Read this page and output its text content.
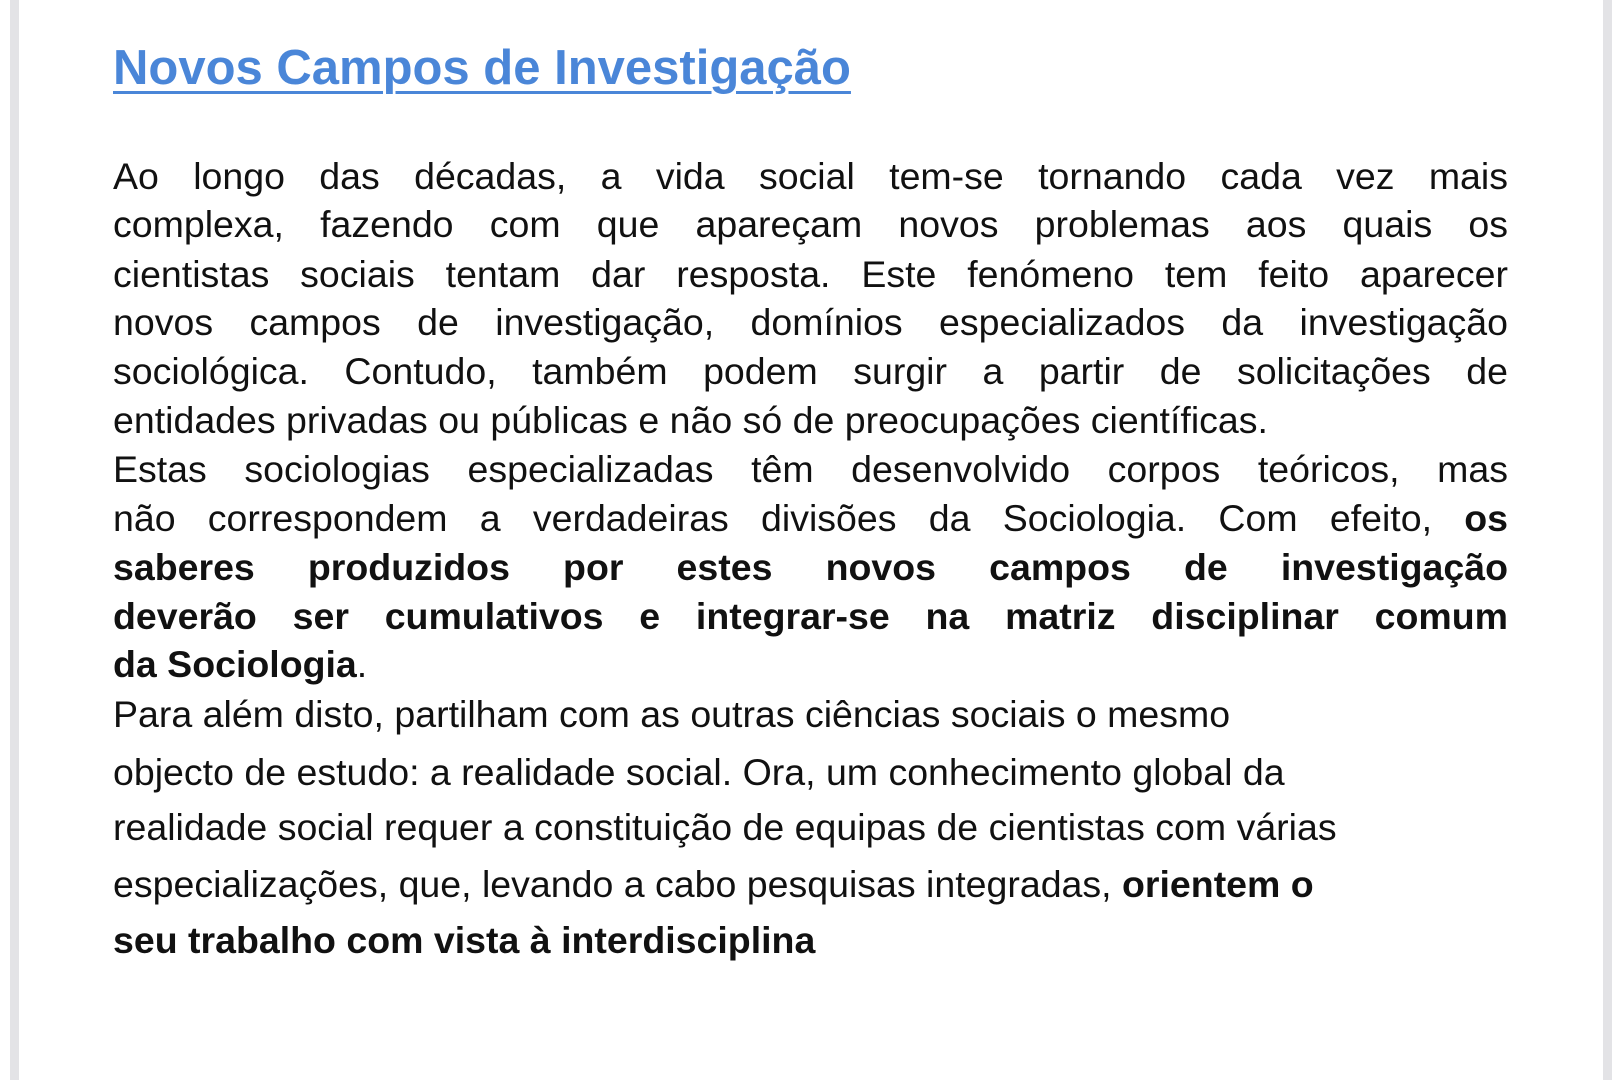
Novos Campos de Investigação
Ao longo das décadas, a vida social tem-se tornando cada vez mais
complexa, fazendo com que apareçam novos problemas aos quais os
cientistas sociais tentam dar resposta. Este fenómeno tem feito aparecer
novos campos de investigação, domínios especializados da investigação
sociológica. Contudo, também podem surgir a partir de solicitações de
entidades privadas ou públicas e não só de preocupações científicas.
Estas sociologias especializadas têm desenvolvido corpos teóricos, mas
não correspondem a verdadeiras divisões da Sociologia. Com efeito, os
saberes produzidos por estes novos campos de investigação
deverão ser cumulativos e integrar-se na matriz disciplinar comum
da Sociologia.
Para além disto, partilham com as outras ciências sociais o mesmo
objecto de estudo: a realidade social. Ora, um conhecimento global da
realidade social requer a constituição de equipas de cientistas com várias
especializações, que, levando a cabo pesquisas integradas, orientem o
seu trabalho com vista à interdisciplina
